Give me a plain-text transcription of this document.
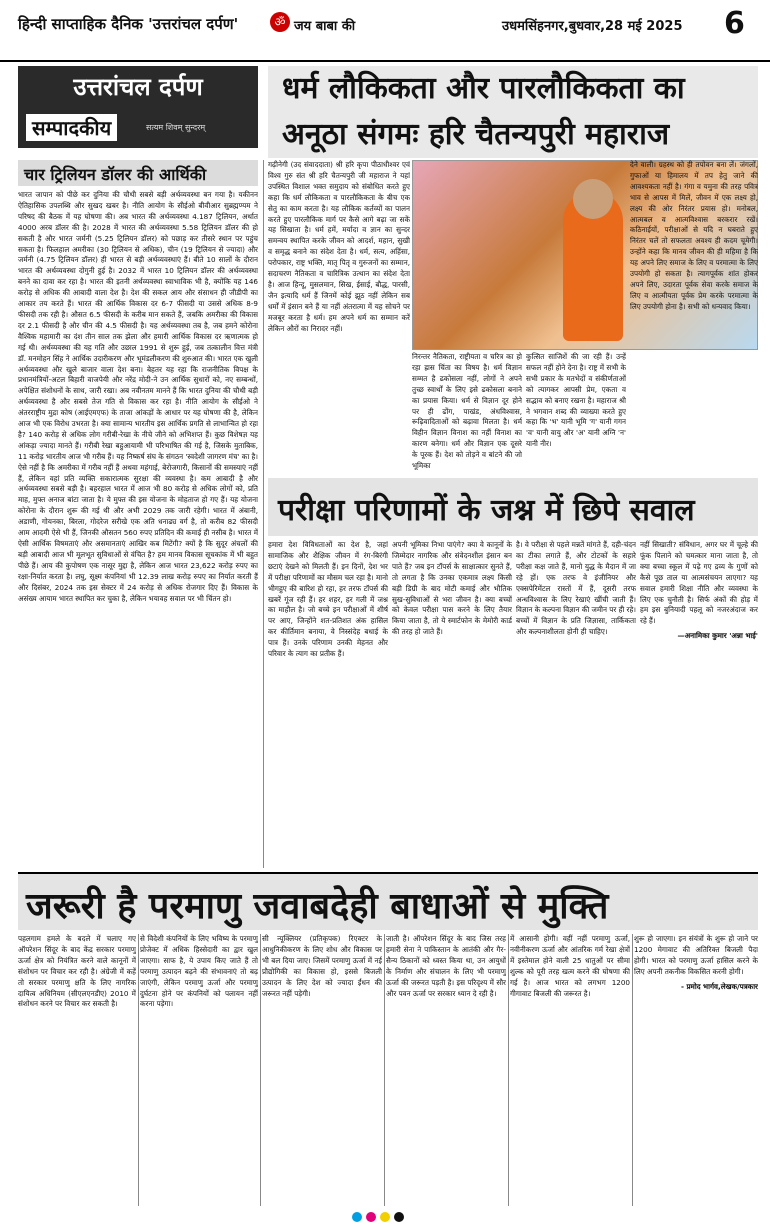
हिन्दी साप्ताहिक दैनिक 'उत्तरांचल दर्पण'	ॐ जय बाबा की	उधमसिंहनगर,बुधवार,28 मई 2025 6
उत्तरांचल दर्पण
सम्पादकीय	सत्यम शिवम् सुन्दरम्
धर्म लौकिकता और पारलौकिकता का
अनूठा संगमः हरि चैतन्यपुरी महाराज
चार ट्रिलियन डॉलर की आर्थिकी
भारत जापान को पीछे कर दुनिया की चौथी सबसे बड़ी अर्थव्यवस्था बन गया है। यकीनन ऐतिहासिक उपलब्धि और सुखद खबर है। नीति आयोग के सीईओ बीवीआर सुब्रह्मण्यम ने परिषद की बैठक में यह घोषणा की। अब भारत की अर्थव्यवस्था 4.187 ट्रिलियन, अर्थात 4000 अरब डॉलर की है। 2028 में भारत की अर्थव्यवस्था 5.58 ट्रिलियन डॉलर की हो सकती है और भारत जर्मनी (5.25 ट्रिलियन डॉलर) को पछाड़ कर तीसरे स्थान पर पहुंच सकता है। फिलहाल अमरीका (30 ट्रिलियन से अधिक), चीन (19 ट्रिलियन से ज्यादा) और जर्मनी (4.75 ट्रिलियन डॉलर) ही भारत से बड़ी अर्थव्यवस्थाएं हैं। बीते 10 सालों के दौरान भारत की अर्थव्यवस्था दोगुनी हुई है। 2032 में भारत 10 ट्रिलियन डॉलर की अर्थव्यवस्था बनने का दावा कर रहा है। भारत की इतनी अर्थव्यवस्था स्वाभाविक भी है, क्योंकि यह 146 करोड़ से अधिक की आबादी वाला देश है। देश की सकल आय और संसाधन ही जीडीपी का आकार तय करते हैं। भारत की आर्थिक विकास दर 6-7 फीसदी या उससे अधिक 8-9 फीसदी तक रही है। औसत 6.5 फीसदी के करीब मान सकते हैं, जबकि अमरीका की विकास दर 2.1 फीसदी है और चीन की 4.5 फीसदी है। यह अर्थव्यवस्था तब है, जब हमने कोरोना वैश्विक महामारी का दंश तीन साल तक झेला और हमारी आर्थिक विकास दर ऋणात्मक हो गई थी। अर्थव्यवस्था की यह गति और उछाल 1991 से शुरू हुई, जब तत्कालीन वित्त मंत्री डॉ. मनमोहन सिंह ने आर्थिक उदारीकरण और भूमंडलीकरण की शुरुआत की। भारत एक खुली अर्थव्यवस्था और खुले बाजार वाला देश बना। बेहतर यह रहा कि राजनीतिक विपक्ष के प्रधानमंत्रियों-अटल बिहारी वाजपेयी और नरेंद्र मोदी-ने उन आर्थिक सुधारों को, नए सम्बन्धों, अपेक्षित संशोधनों के साथ, जारी रखा। अब नवीनतम मानने हैं कि भारत दुनिया की चौथी बड़ी अर्थव्यवस्था है और सबसे तेज गति से विकास कर रहा है। नीति आयोग के सीईओ ने अंतरराष्ट्रीय मुद्रा कोष (आईएमएफ) के ताजा आंकड़ों के आधार पर यह घोषणा की है, लेकिन आज भी एक विरोध उभरता है। क्या सामान्य भारतीय इस आर्थिक प्रगति से लाभान्वित हो रहा है? 140 करोड़ से अधिक लोग गरीबी-रेखा के नीचे जीने को अभिशप्त हैं। कुछ विशेषज्ञ यह आंकड़ा ज्यादा मानते हैं। गरीबी रेखा बहुआयामी भी परिभाषित की गई है, जिसके मुताबिक, 11 करोड़ भारतीय आज भी गरीब हैं। यह निष्कर्ष संघ के संगठन 'स्वदेशी जागरण मंच' का है। ऐसे नहीं है कि अमरीका में गरीब नहीं हैं अथवा महंगाई, बेरोजगारी, किसानों की समस्याएं नहीं हैं, लेकिन वहां प्रति व्यक्ति सकारात्मक सुरक्षा की व्यवस्था है। कम आबादी है और अर्थव्यवस्था सबसे बड़ी है। बहरहाल भारत में आज भी 80 करोड़ से अधिक लोगों को, प्रति माह, मुफ्त अनाज बांटा जाता है। ये मुफ्त की इस योजना के मोहताज हो गए हैं। यह योजना कोरोना के दौरान शुरू की गई थी और अभी 2029 तक जारी रहेगी। भारत में अंबानी, अडाणी, गोयनका, बिरला, गोदरेज सरीखे एक अति धनाढ्य वर्ग है, तो करीब 82 फीसदी आम आदमी ऐसे भी हैं, जिनकी औसतन 560 रुपए प्रतिदिन की कमाई ही नसीब है। भारत में ऐसी आर्थिक विषमताएं और असमानताएं आखिर कब मिटेंगी? क्यों है कि सुदूर अंचलों की बड़ी आबादी आज भी मूलभूत सुविधाओं से वंचित है? हम मानव विकास सूचकांक में भी बहुत पीछे हैं। आय की कुपोषण एक नासूर मुद्दा है, लेकिन आज भारत 23,622 करोड़ रुपए का रक्षा-निर्यात करता है। लघु, सूक्ष्म कंपनियां भी 12.39 लाख करोड़ रुपए का निर्यात करती हैं और दिसंबर, 2024 तक इस सेक्टर में 24 करोड़ से अधिक रोजगार दिए हैं। विकास के असंख्य आयाम भारत स्थापित कर चुका है, लेकिन भयावह सवाल पर भी चिंतन हो।
गढ़ीनेगी (उद संवाददाता) श्री हरि कृपा पीठाधीश्वर एवं विश्व गुरु संत श्री हरि चैतन्यपुरी जी महाराज ने यहां उपस्थित विशाल भक्त समुदाय को संबोधित करते हुए कहा कि धर्म लौकिकता व पारलौकिकता के बीच एक सेतु का काम करता है। यह लौकिक कर्तव्यों का पालन करते हुए पारलौकिक मार्ग पर कैसे आगे बढ़ा जा सकें यह सिखाता है। धर्म हमें, मर्यादा व ज्ञान का सुन्दर समन्वय स्थापित करके जीवन को आदर्श, महान, सुखी व समृद्ध बनाने का संदेश देता है। धर्म, सत्य, अहिंसा, परोपकार, राष्ट्र भक्ति, मातृ पितृ व गुरुजनों का सम्मान, सदाचरण नैतिकता व चारित्रिक उत्थान का संदेश देता है। आज हिन्दू, मुसलमान, सिख, ईसाई, बौद्ध, पारसी, जैन इत्यादि धर्म हैं जिनमें कोई झूठ नहीं लेकिन सब धर्मों में इंसान बने हैं या नहीं अंतरात्मा में यह सोचने पर मजबूर करता है धर्म। हम अपने धर्म का सम्मान करें लेकिन औरों का निरादर नहीं।
निरन्तर नैतिकता, राष्ट्रीयता व चरित्र का हो रहा ह्रास चिंता का विषय है। धर्म विज्ञान सम्मत है ढकोसला नहीं, लोगों ने अपने तुच्छ स्वार्थों के लिए इसे ढकोसला बनाने का प्रयास किया। धर्म से विज्ञान दूर होने पर ही ढोंग, पाखंड, अंधविश्वास, रूढ़िवादिताओं को बढ़ावा मिलता है। धर्म विहीन विज्ञान विनाश का नहीं विनाश का कारण बनेगा। धर्म और विज्ञान एक दूसरे के पूरक हैं। देश को तोड़ने व बांटने की जो भूमिका
कुत्सित साजिशें की जा रही हैं। उन्हें सफल नहीं होने देना है। राष्ट्र में सभी के सभी प्रकार के मतभेदों व संकीर्णताओं को त्यागकर आपसी प्रेम, एकता व सद्भाव को बनाए रखना है। महाराज श्री ने भगवान शब्द की व्याख्या करते हुए कहा कि 'भ' यानी भूमि 'ग' यानी गगन 'व' यानी वायु और 'अ' यानी अग्नि 'न' यानी नीर।
देने वाली। ग्रहस्थ को ही तपोवन बना लें। जंगलों, गुफाओं या हिमालय में तप हेतु जाने की आवश्यकता नहीं है। गंगा व यमुना की तरह पवित्र भाव से आपस में मिलें, जीवन में एक लक्ष्य हो, लक्ष्य की ओर निरंतर प्रयास हो। मनोबल, आत्मबल व आत्मविश्वास बरकरार रखें। कठिनाईयों, परीक्षाओं से यदि न घबराते हुए निरंतर चलें तो सफलता अवश्य ही कदम चूमेगी। उन्होंने कहा कि मानव जीवन की ही महिमा है कि यह अपने लिए समाज के लिए व परमात्मा के लिए उपयोगी हो सकता है। त्यागपूर्वक शांत होकर अपने लिए, उदारता पूर्वक सेवा करके समाज के लिए व आत्मीयता पूर्वक प्रेम करके परमात्मा के लिए उपयोगी होना है। सभी को धन्यवाद किया।
परीक्षा परिणामों के जश्न में छिपे सवाल
हमारा देश विविधताओं का देश है, जहां सामाजिक और शैक्षिक जीवन में रंग-बिरंगी छटाएं देखने को मिलती हैं। इन दिनों, देश भर में परीक्षा परिणामों का मौसम चल रहा है। मानो भीगहुए की बारिश हो रहा, हर तरफ टॉपर्स की खबरें गूंज रही हैं। हर शहर, हर गली में जश्न का माहौल है। जो बच्चे इन परीक्षाओं में शीर्ष पर आए, जिन्होंने शत-प्रतिशत अंक हासिल कर कीर्तिमान बनाया, वे निस्संदेह बधाई के पात्र हैं। उनके परिणाम उनकी मेहनत और परिवार के त्याग का प्रतीक हैं।
अपनी भूमिका निभा पाएंगे? क्या वे कानूनों के जिम्मेदार नागरिक और संवेदनशील इंसान बन पाते हैं? जब इन टॉपर्स के साक्षात्कार सुनते हैं, तो लगता है कि उनका एकमात्र लक्ष्य किसी बड़ी डिग्री के बाद मोटी कमाई और भौतिक सुख-सुविधाओं से भरा जीवन है। क्या बच्चों को केवल परीक्षा पास करने के लिए तैयार किया जाता है, तो ये स्मार्टफोन के मेमोरी कार्ड की तरह हो जाते हैं।
है। वे परीक्षा से पहले मन्नतें मांगते हैं, दही-चंदन का टीका लगाते हैं, और टोटकों के सहारे परीक्षा कक्ष जाते हैं, मानो युद्ध के मैदान में जा रहे हों। एक तरफ वे इंजीनियर और एक्सपेरिमेंटल रास्तों में हैं, दूसरी तरफ अन्धविश्वास के लिए रेखाएं खींची जाती हैं। विज्ञान के कल्पना विज्ञान की जमीन पर ही रहे। बच्चों में विज्ञान के प्रति जिज्ञासा, तार्किकता और कल्पनाशीलता होनी ही चाहिए।
नहीं सिखाती? संविधान, अगर घर में चूल्हे की फूंक पिलाने को चमत्कार माना जाता है, तो क्या बच्चा स्कूल में पढ़े गए द्रव्य के गुणों को कैसे पूछ ताल या आत्मसंचयन लाएगा? यह सवाल हमारी शिक्षा नीति और व्यवस्था के लिए एक चुनौती है। सिर्फ अंकों की होड़ में हम इस बुनियादी पहलू को नजरअंदाज कर रहे हैं।
—अनामिका कुमार 'अन्ना भाई'
जरूरी है परमाणु जवाबदेही बाधाओं से मुक्ति
पहलगाम हमले के बदले में चलाए गए ऑपरेशन सिंदूर के बाद केंद्र सरकार परमाणु ऊर्जा क्षेत्र को नियंत्रित करने वाले कानूनों में संशोधन पर विचार कर रही है। अंग्रेजी में कहें तो सरकार परमाणु क्षति के लिए नागरिक दायित्व अधिनियम (सीएलएनडीए) 2010 में संशोधन करने पर विचार कर सकती है।
से विदेशी कंपनियों के लिए भविष्य के परमाणु प्रोजेक्ट में अधिक हिस्सेदारी का द्वार खुल जाएगा। साफ है, ये उपाय किए जाते हैं तो परमाणु उत्पादन बढ़ने की संभावनाएं तो बढ़ जाएंगी, लेकिन परमाणु ऊर्जा और परमाणु दुर्घटना होने पर कंपनियों को पलायन नहीं करना पड़ेगा।
सी न्यूक्लियर (प्रतिकृपक) रिएक्टर के आधुनिकीकरण के लिए शोध और विकास पर भी बल दिया जाए। जिसमें परमाणु ऊर्जा में नई प्रौद्योगिकी का विकास हो, इससे बिजली उत्पादन के लिए देश को ज्यादा ईंधन की जरूरत नहीं पड़ेगी।
जाती है। ऑपरेशन सिंदूर के बाद जिस तरह हमारी सेना ने पाकिस्तान के आतंकी और गैर-सैन्य ठिकानों को ध्वस्त किया था, उन आयुधों के निर्माण और संचालन के लिए भी परमाणु ऊर्जा की जरूरत पड़ती है। इस परिदृश्य में सौर और पवन ऊर्जा पर सरकार ध्यान दे रही है।
में आसानी होगी। वहीं नहीं परमाणु ऊर्जा, नवीनीकरण ऊर्जा और आंतरिक गर्म रेखा क्षेत्रों में इस्तेमाल होने वाली 25 धातुओं पर सीमा शुल्क को पूरी तरह खत्म करने की घोषणा की गई है। आज भारत को लगभग 1200 गीगावाट बिजली की जरूरत है।
शुरू हो जाएगा। इन संयंत्रों के शुरू हो जाने पर 1200 मेगावाट की अतिरिक्त बिजली पैदा होगी। भारत को परमाणु ऊर्जा हासिल करने के लिए अपनी तकनीक विकसित करनी होगी।
- प्रमोद भार्गव,लेखक/पत्रकार
